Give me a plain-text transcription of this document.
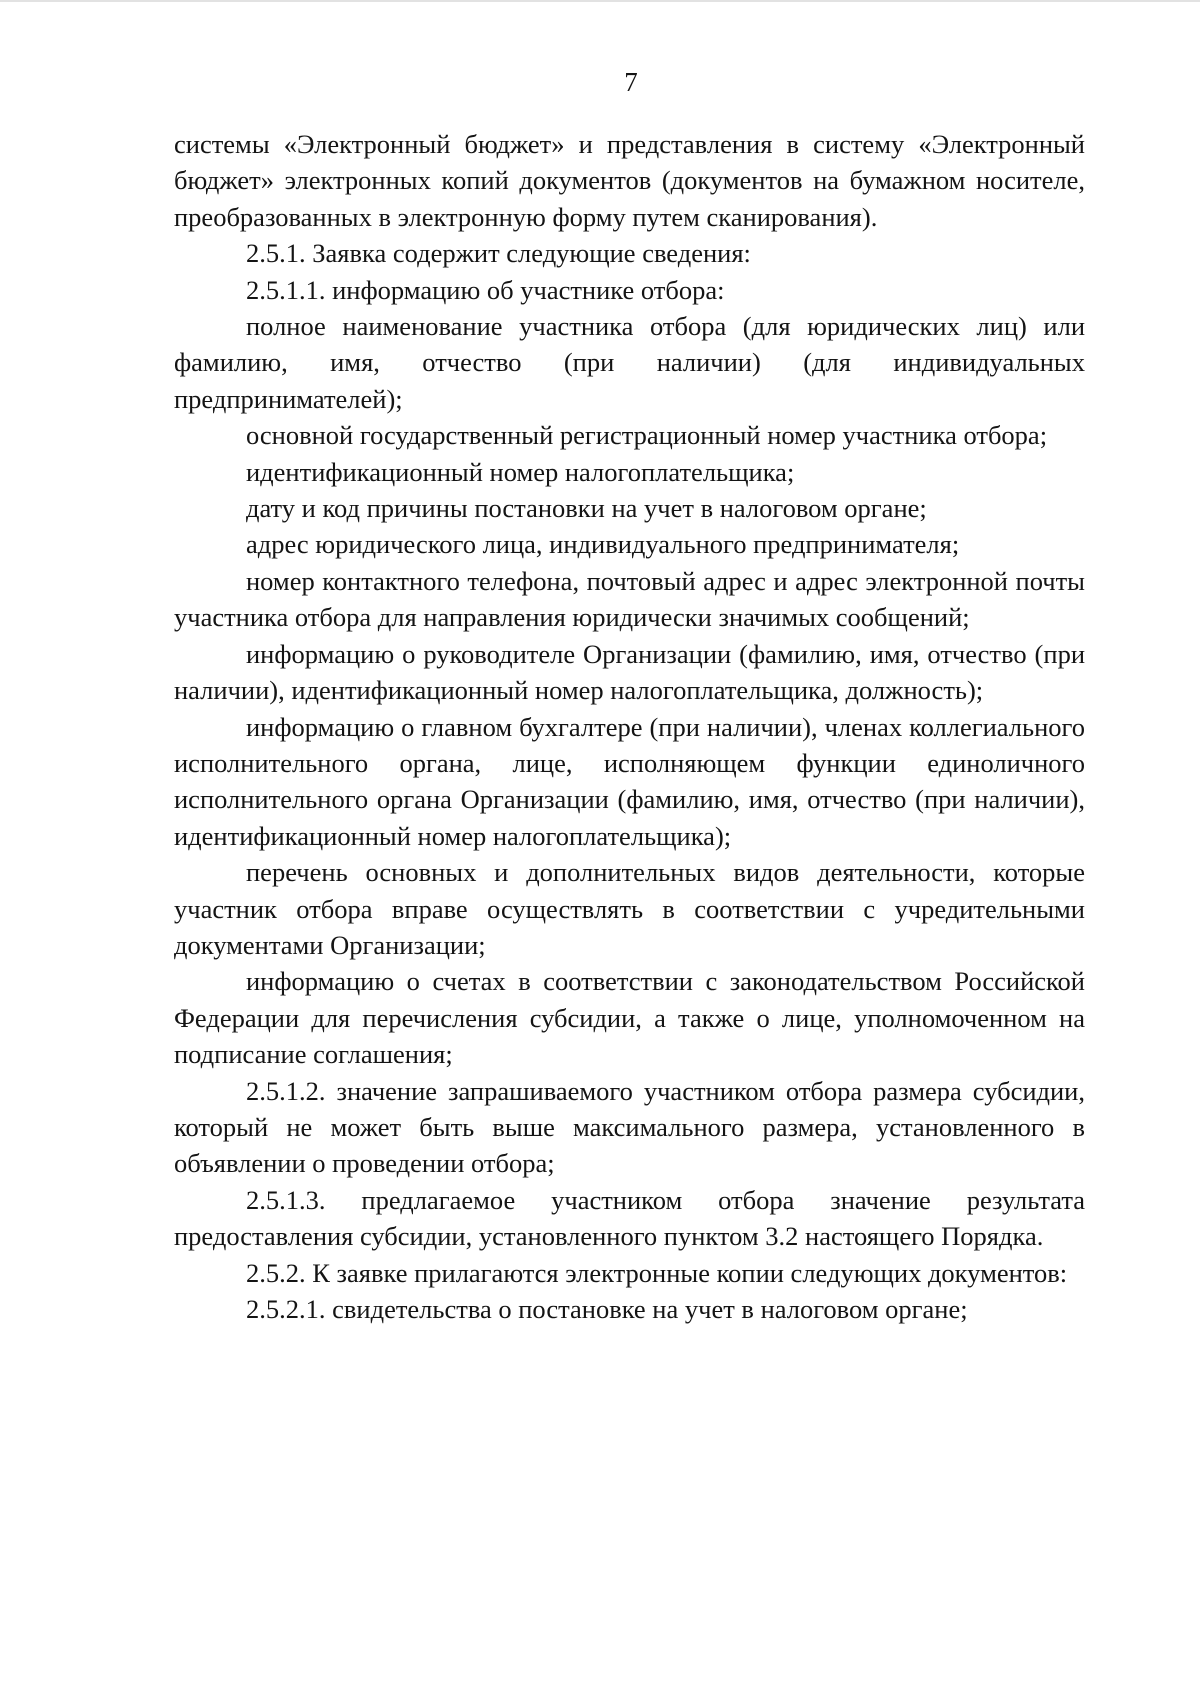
7

системы «Электронный бюджет» и представления в систему «Электронный бюджет» электронных копий документов (документов на бумажном носителе, преобразованных в электронную форму путем сканирования).

2.5.1. Заявка содержит следующие сведения:

2.5.1.1. информацию об участнике отбора:

полное наименование участника отбора (для юридических лиц) или фамилию, имя, отчество (при наличии) (для индивидуальных предпринимателей);

основной государственный регистрационный номер участника отбора;

идентификационный номер налогоплательщика;

дату и код причины постановки на учет в налоговом органе;

адрес юридического лица, индивидуального предпринимателя;

номер контактного телефона, почтовый адрес и адрес электронной почты участника отбора для направления юридически значимых сообщений;

информацию о руководителе Организации (фамилию, имя, отчество (при наличии), идентификационный номер налогоплательщика, должность);

информацию о главном бухгалтере (при наличии), членах коллегиального исполнительного органа, лице, исполняющем функции единоличного исполнительного органа Организации (фамилию, имя, отчество (при наличии), идентификационный номер налогоплательщика);

перечень основных и дополнительных видов деятельности, которые участник отбора вправе осуществлять в соответствии с учредительными документами Организации;

информацию о счетах в соответствии с законодательством Российской Федерации для перечисления субсидии, а также о лице, уполномоченном на подписание соглашения;

2.5.1.2. значение запрашиваемого участником отбора размера субсидии, который не может быть выше максимального размера, установленного в объявлении о проведении отбора;

2.5.1.3. предлагаемое участником отбора значение результата предоставления субсидии, установленного пунктом 3.2 настоящего Порядка.

2.5.2. К заявке прилагаются электронные копии следующих документов:

2.5.2.1. свидетельства о постановке на учет в налоговом органе;
